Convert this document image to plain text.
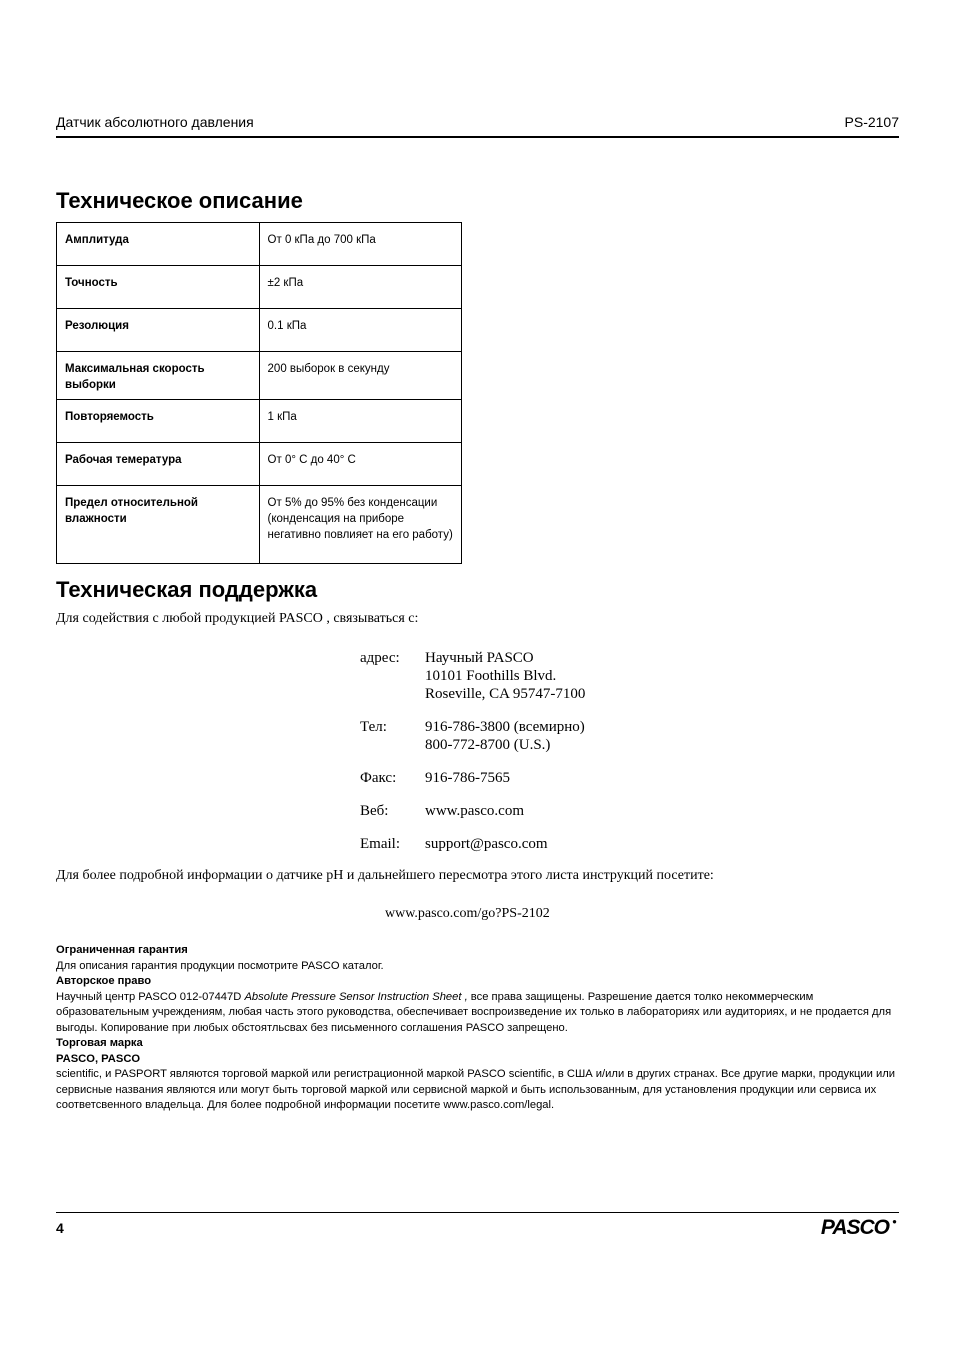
Датчик абсолютного давления	PS-2107
Техническое описание
Амплитуда	От 0 кПа до 700 кПа
Точность	±2 кПа
Резолюция	0.1 кПа
Максимальная скорость выборки	200 выборок в секунду
Повторяемость	1 кПа
Рабочая темература	От 0° C до 40° C
Предел относительной влажности	От 5% до 95% без конденсации (конденсация на приборе негативно повлияет на его работу)
Техническая поддержка
Для содействия с любой продукцией PASCO , связываться с:
адрес: Научный PASCO
10101 Foothills Blvd.
Roseville, CA 95747-7100
Тел:	916-786-3800 (всемирно)
800-772-8700 (U.S.)
Факс: 916-786-7565
Веб: www.pasco.com
Email: support@pasco.com
Для более подробной информации о датчике pH и дальнейшего пересмотра этого листа инструкций посетите:
www.pasco.com/go?PS-2102
Ограниченная гарантия

Для описания гарантия продукции посмотрите PASCO каталог.

Авторское право

Научный центр PASCO 012-07447D Absolute Pressure Sensor Instruction Sheet , все права защищены. Разрешение дается толко некоммерческим образовательным учреждениям, любая часть этого руководства, обеспечивает воспроизведение их только в лабораториях или аудиториях, и не продается для выгоды. Копирование при любых обстоятльсвах без письменного соглашения PASCO запрещено.

Торговая марка
PASCO, PASCO

scientific, и PASPORT являются торговой маркой или регистрационной маркой PASCO scientific, в США и/или в других странах. Все другие марки, продукции или сервисные названия являются или могут быть торговой маркой или сервисной маркой и быть использованным, для установления продукции или сервиса их соответсвенного владельца. Для более подробной информации посетите www.pasco.com/legal.

4	PASCO ●
